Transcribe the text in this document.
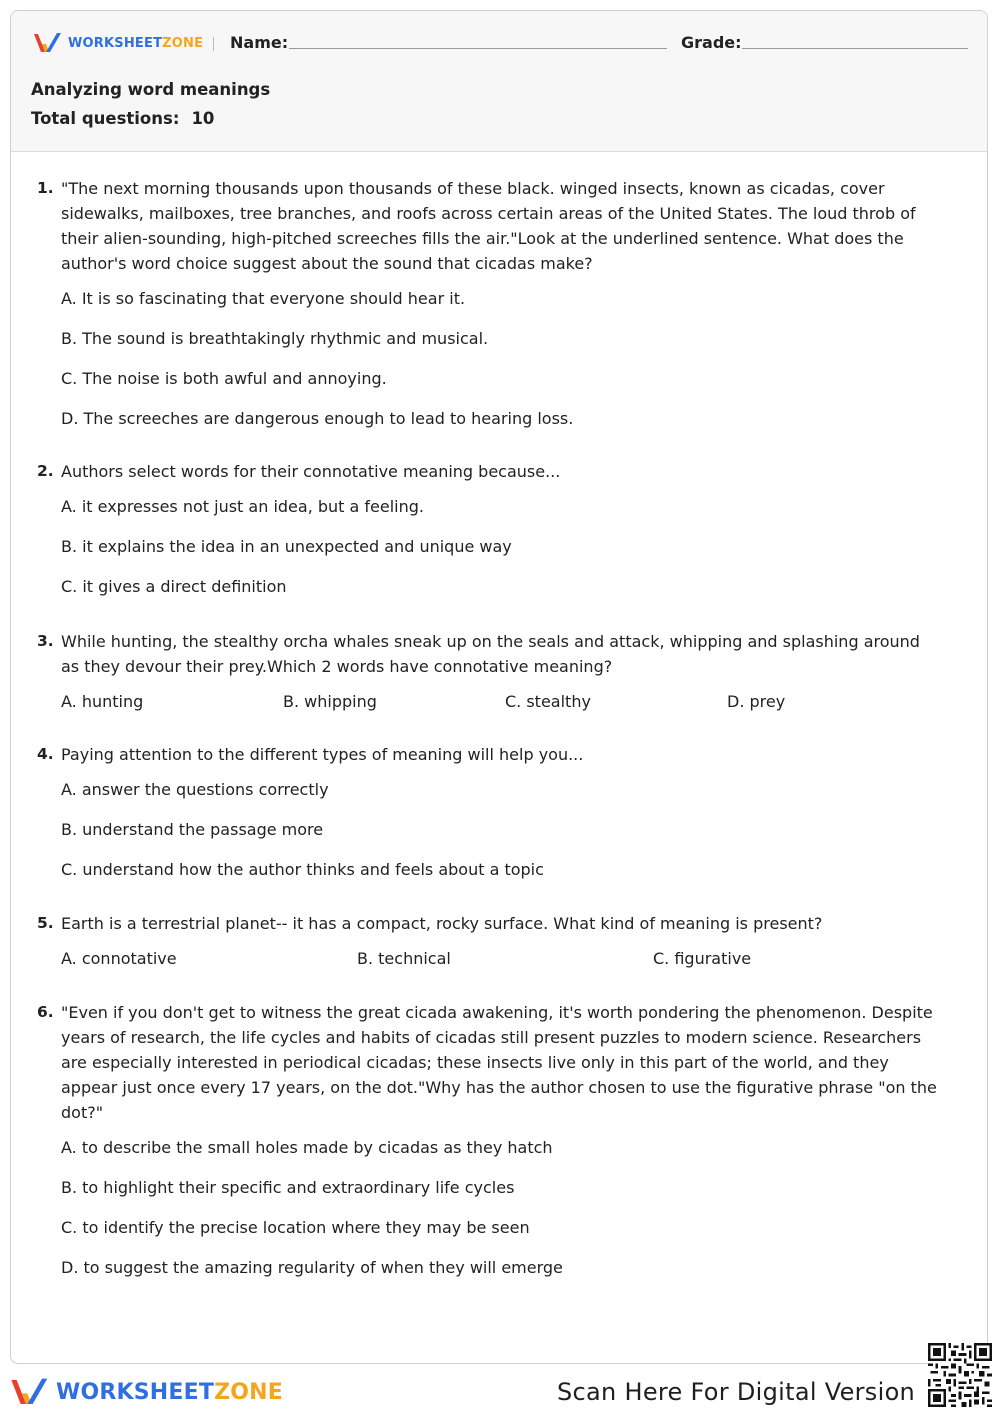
WORKSHEETZONE Name:	Grade:
Analyzing word meanings
Total questions: 10
1. "The next morning thousands upon thousands of these black. winged insects, known as cicadas, cover sidewalks, mailboxes, tree branches, and roofs across certain areas of the United States. The loud throb of their alien-sounding, high-pitched screeches fills the air."Look at the underlined sentence. What does the author's word choice suggest about the sound that cicadas make?
A. It is so fascinating that everyone should hear it.
B. The sound is breathtakingly rhythmic and musical.
C. The noise is both awful and annoying.
D. The screeches are dangerous enough to lead to hearing loss.
2. Authors select words for their connotative meaning because...
A. it expresses not just an idea, but a feeling.
B. it explains the idea in an unexpected and unique way
C. it gives a direct definition
3. While hunting, the stealthy orcha whales sneak up on the seals and attack, whipping and splashing around as they devour their prey.Which 2 words have connotative meaning?
A. hunting	B. whipping	C. stealthy	D. prey
4. Paying attention to the different types of meaning will help you...
A. answer the questions correctly
B. understand the passage more
C. understand how the author thinks and feels about a topic
5. Earth is a terrestrial planet-- it has a compact, rocky surface. What kind of meaning is present?
A. connotative	B. technical	C. figurative
6. "Even if you don't get to witness the great cicada awakening, it's worth pondering the phenomenon. Despite years of research, the life cycles and habits of cicadas still present puzzles to modern science. Researchers are especially interested in periodical cicadas; these insects live only in this part of the world, and they appear just once every 17 years, on the dot."Why has the author chosen to use the figurative phrase "on the dot?"
A. to describe the small holes made by cicadas as they hatch
B. to highlight their specific and extraordinary life cycles
C. to identify the precise location where they may be seen
D. to suggest the amazing regularity of when they will emerge
WORKSHEETZONE	Scan Here For Digital Version
